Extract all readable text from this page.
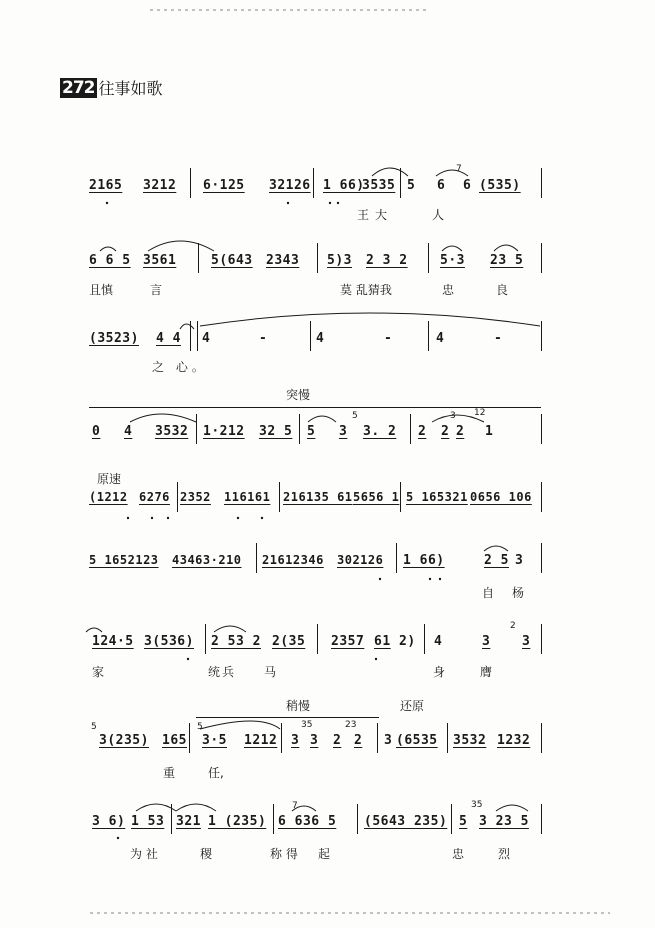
272 往事如歌
2165 3212 6·125 32126 1 66)
3535 5 6 6 (535)
7
王大	人
6 6 5 3561	5(643 2343 5)3 2 3 2 5·3 23 5
且慎	言	莫 乱猜我	忠	良
(3523) 4 4 4	-	4	-	4	-
之 心。
突慢
0 4 3532 1·212 32 5 5 3 3. 2 2 2 2 1
5	3 12
原速
(1212 6276 2352 116161 216135 61 5656 1 5 165321 0656 106
5 1652123 43463·210 21612346 302126 1 66)	2 5 3
自 杨
124·5 3(536) 2 53 2 2(35 2357 61 2) 4	3 3
2
家	统兵 马	身	膺
稍慢	还原
3(235) 165 3·5 1212 3 3 2 2 3 (6535 3532 1232
5	5	35	23
重	任,
3 6) 1 53 321 1 (235) 6 636 5 (5643 235) 5 3 23 5
7	35
为 社	稷	称 得 起	忠	烈
